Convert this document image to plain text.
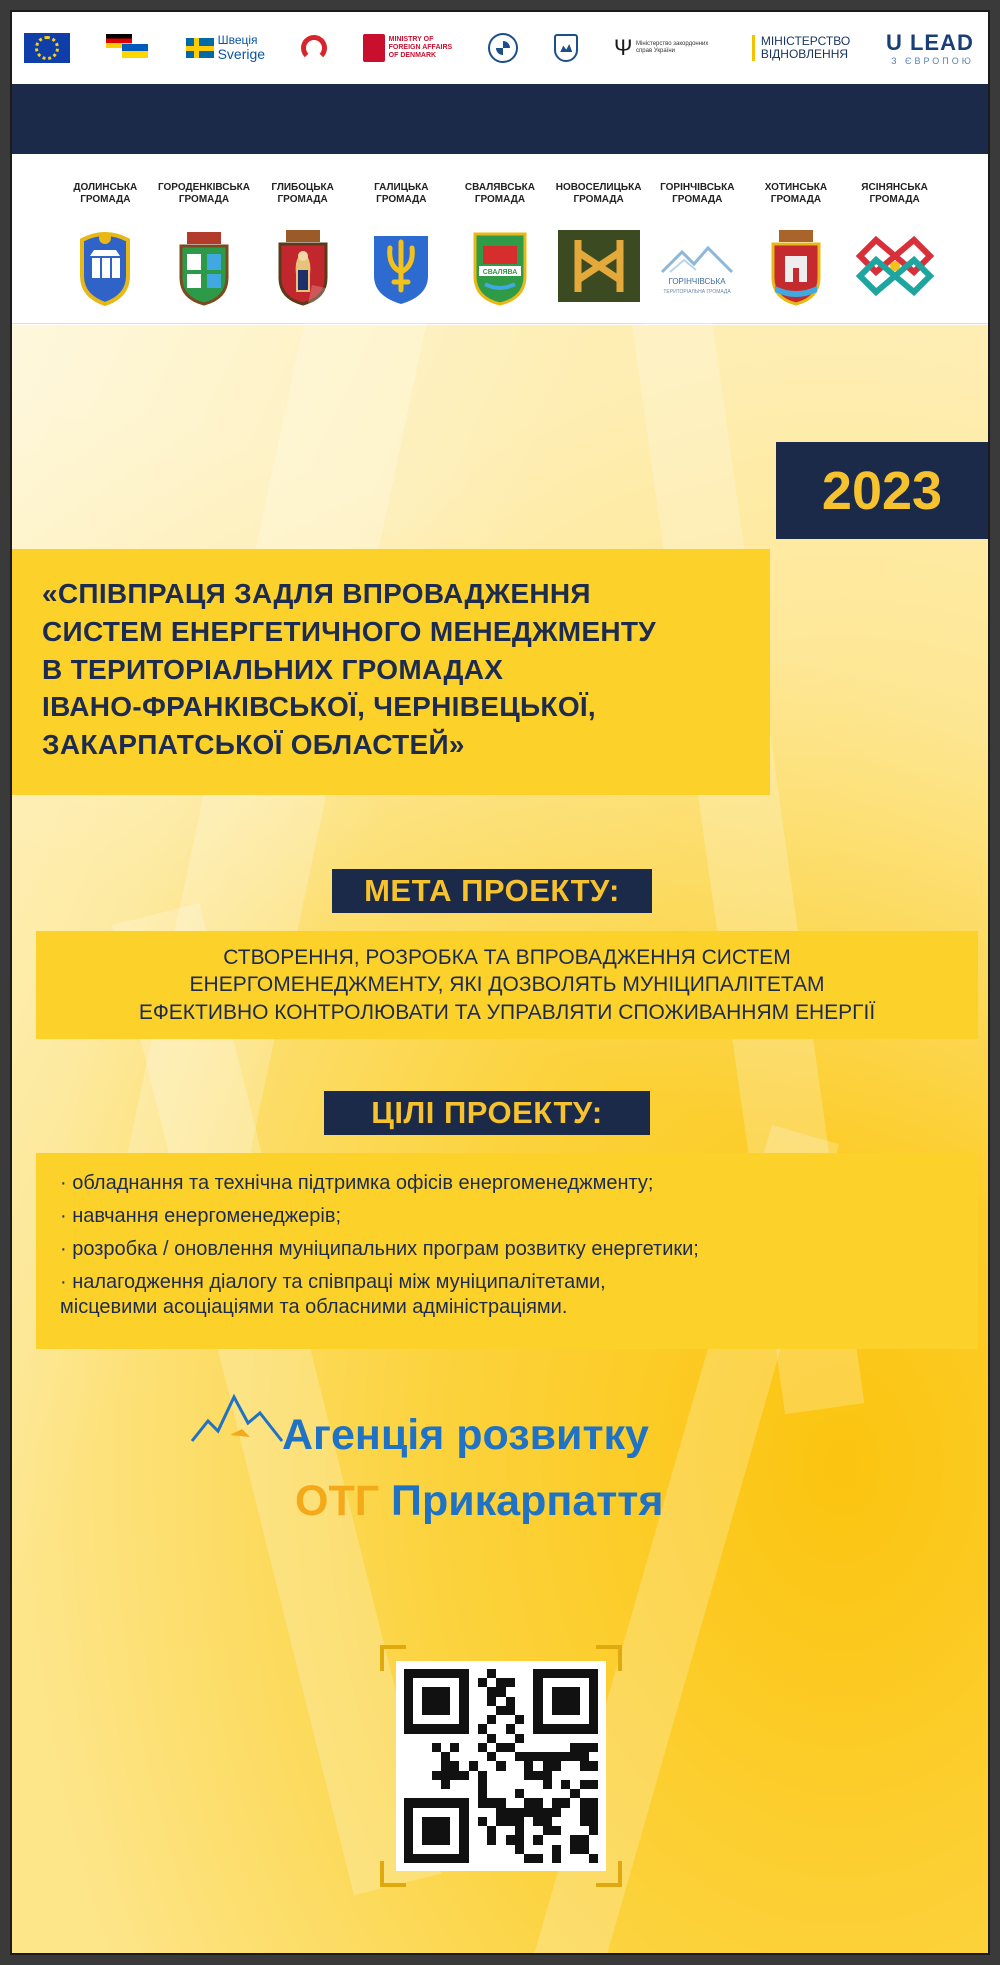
Швеція
Sverige
MINISTRY OF FOREIGN AFFAIRS OF DENMARK	Ψ Міністерство закордонних справ України
МІНІСТЕРСТВО
ВІДНОВЛЕННЯ U LEAD
З ЄВРОПОЮ
ДОЛИНСЬКА
ГРОМАДА
ГОРОДЕНКІВСЬКА
ГРОМАДА
ГЛИБОЦЬКА
ГРОМАДА
ГАЛИЦЬКА
ГРОМАДА
СВАЛЯВСЬКА
ГРОМАДА
СВАЛЯВА
НОВОСЕЛИЦЬКА
ГРОМАДА
ГОРІНЧІВСЬКА
ГРОМАДА
ГОРІНЧІВСЬКА
ТЕРИТОРІАЛЬНА ГРОМАДА
ХОТИНСЬКА
ГРОМАДА
ЯСІНЯНСЬКА
ГРОМАДА
2023
«СПІВПРАЦЯ ЗАДЛЯ ВПРОВАДЖЕННЯ
СИСТЕМ ЕНЕРГЕТИЧНОГО МЕНЕДЖМЕНТУ
В ТЕРИТОРІАЛЬНИХ ГРОМАДАХ
ІВАНО-ФРАНКІВСЬКОЇ, ЧЕРНІВЕЦЬКОЇ,
ЗАКАРПАТСЬКОЇ ОБЛАСТЕЙ»
МЕТА ПРОЕКТУ:
СТВОРЕННЯ, РОЗРОБКА ТА ВПРОВАДЖЕННЯ СИСТЕМ
ЕНЕРГОМЕНЕДЖМЕНТУ, ЯКІ ДОЗВОЛЯТЬ МУНІЦИПАЛІТЕТАМ
ЕФЕКТИВНО КОНТРОЛЮВАТИ ТА УПРАВЛЯТИ СПОЖИВАННЯМ ЕНЕРГІЇ
ЦІЛІ ПРОЕКТУ:
· обладнання та технічна підтримка офісів енергоменеджменту;
· навчання енергоменеджерів;
· розробка / оновлення муніципальних програм розвитку енергетики;
· налагодження діалогу та співпраці між муніципалітетами,
місцевими асоціаціями та обласними адміністраціями.
Агенція розвитку
ОТГ Прикарпаття
